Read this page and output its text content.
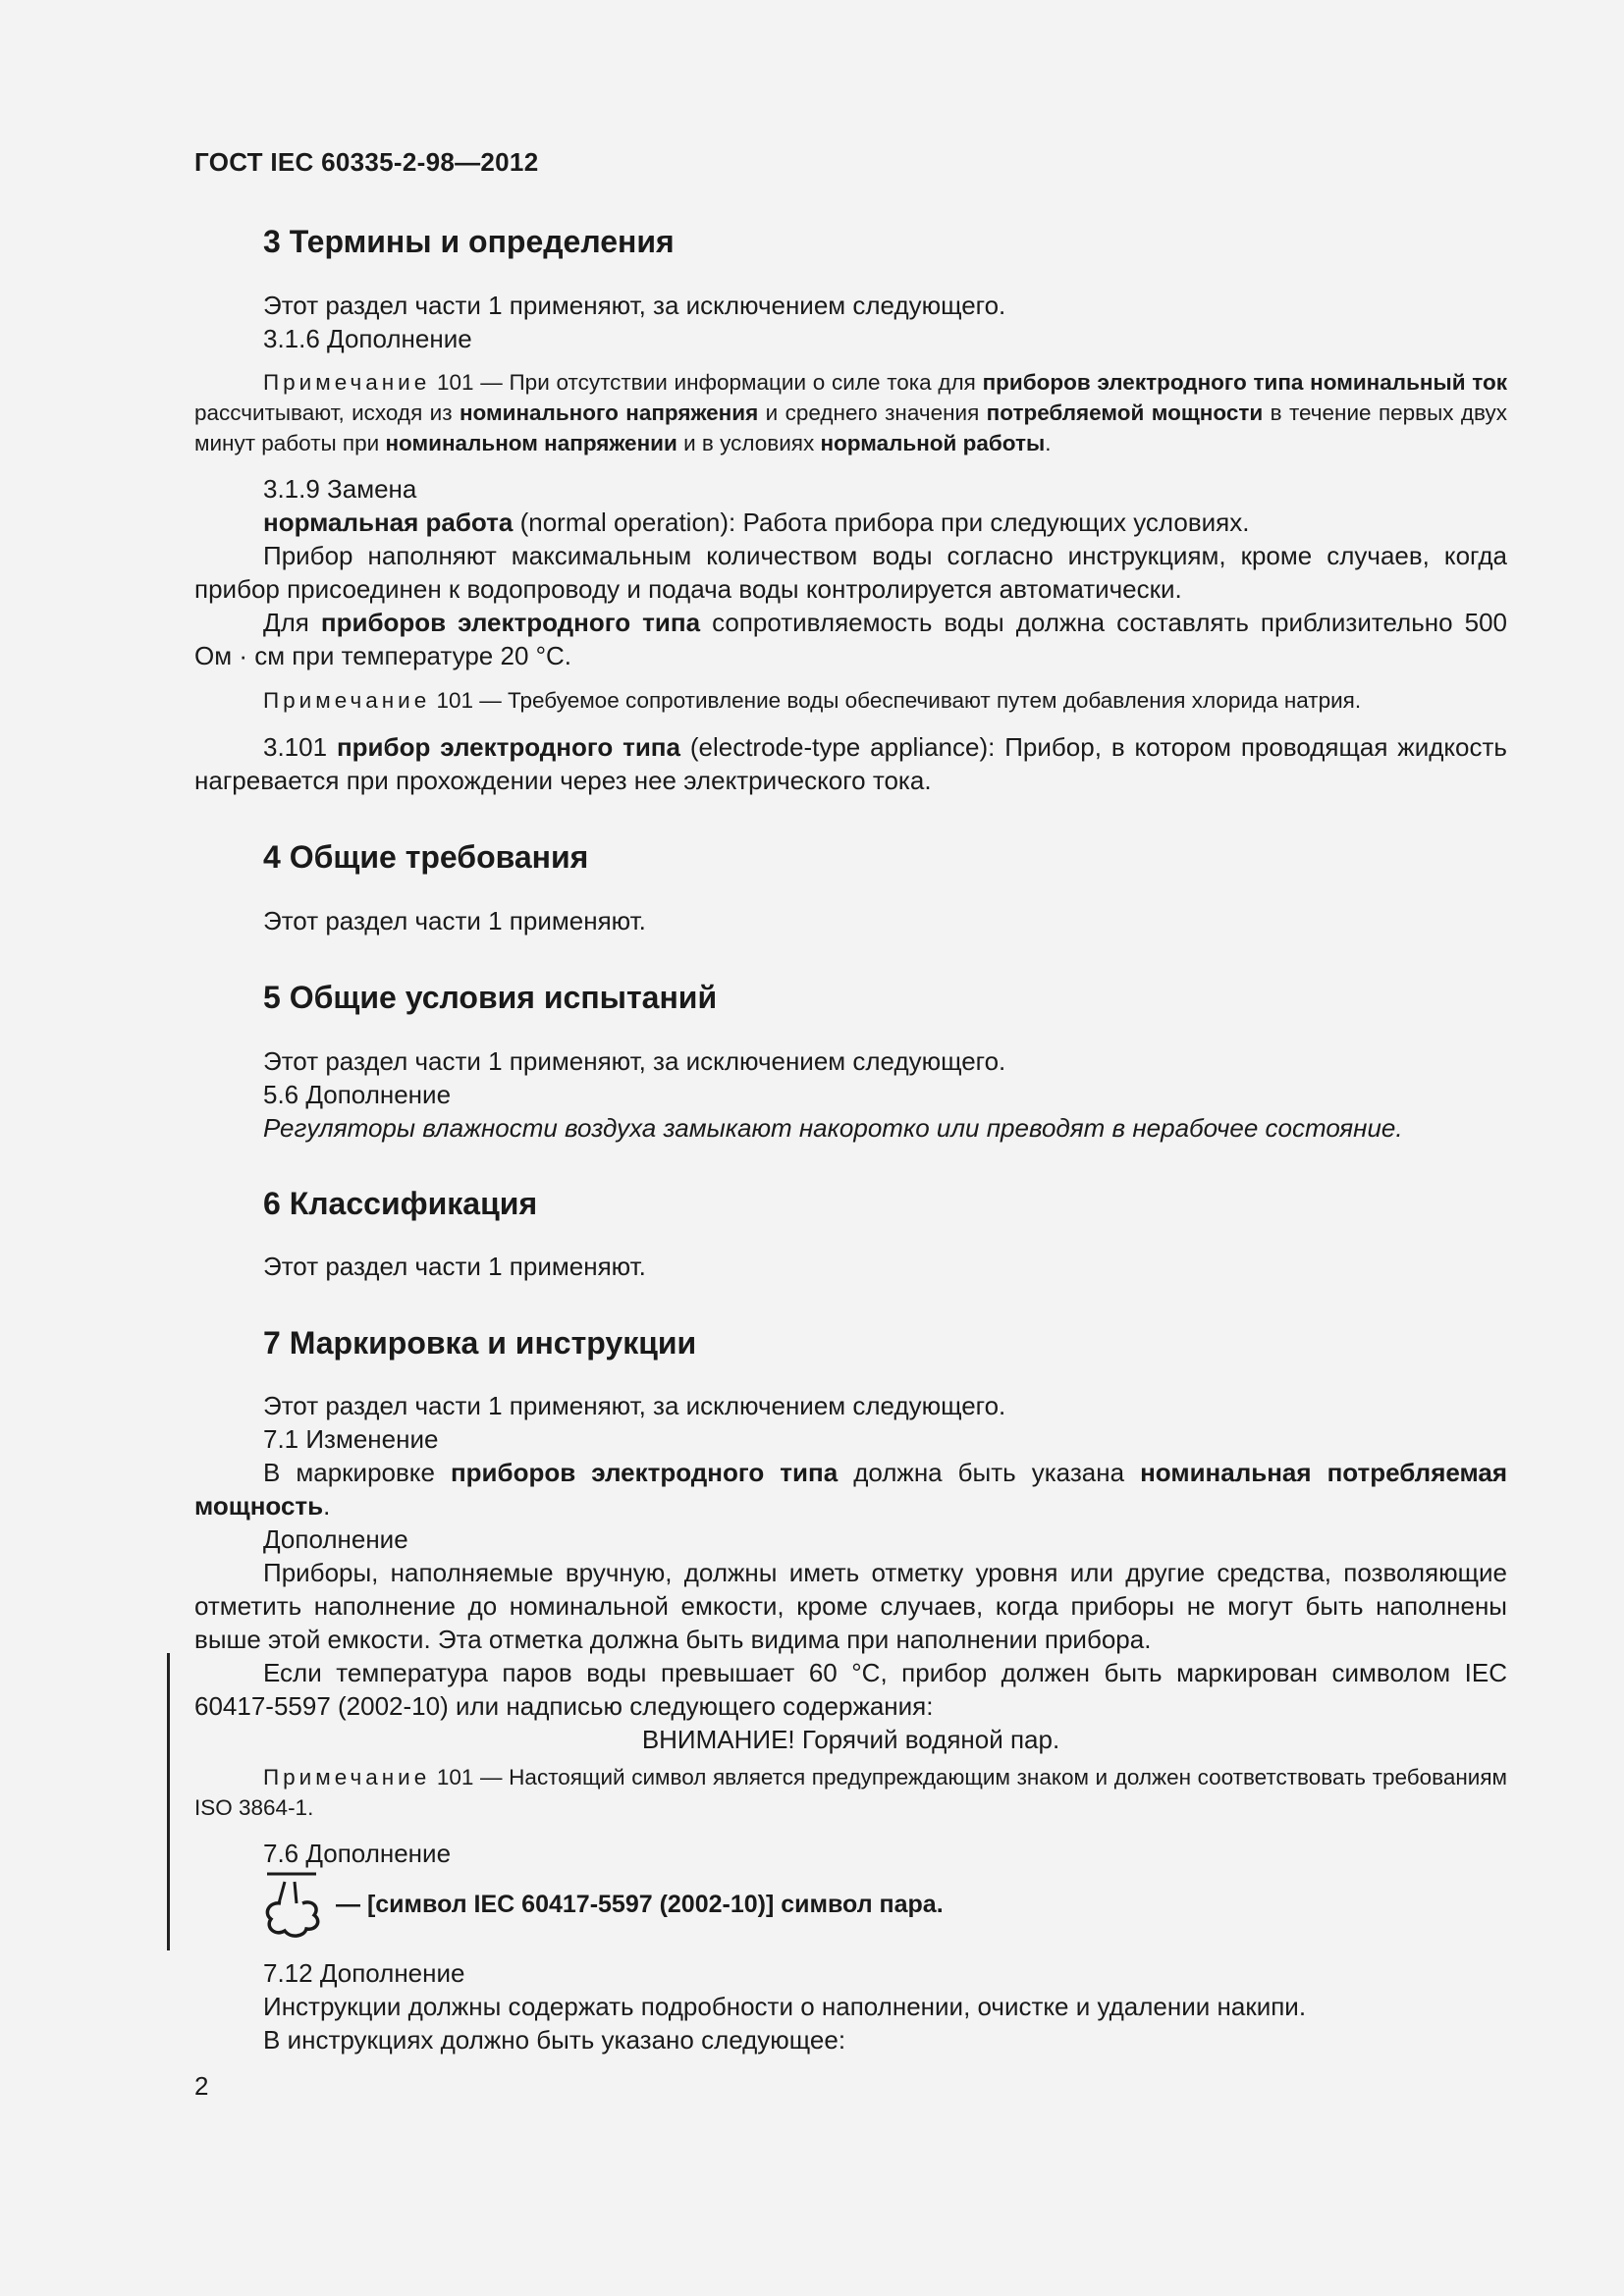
ГОСТ IEC 60335-2-98—2012
3 Термины и определения
Этот раздел части 1 применяют, за исключением следующего.
3.1.6 Дополнение
Примечание 101 — При отсутствии информации о силе тока для приборов электродного типа номинальный ток рассчитывают, исходя из номинального напряжения и среднего значения потребляемой мощности в течение первых двух минут работы при номинальном напряжении и в условиях нормальной работы.
3.1.9 Замена
нормальная работа (normal operation): Работа прибора при следующих условиях.
Прибор наполняют максимальным количеством воды согласно инструкциям, кроме случаев, когда прибор присоединен к водопроводу и подача воды контролируется автоматически.
Для приборов электродного типа сопротивляемость воды должна составлять приблизительно 500 Ом · см при температуре 20 °С.
Примечание 101 — Требуемое сопротивление воды обеспечивают путем добавления хлорида натрия.
3.101 прибор электродного типа (electrode-type appliance): Прибор, в котором проводящая жидкость нагревается при прохождении через нее электрического тока.
4 Общие требования
Этот раздел части 1 применяют.
5 Общие условия испытаний
Этот раздел части 1 применяют, за исключением следующего.
5.6 Дополнение
Регуляторы влажности воздуха замыкают накоротко или преводят в нерабочее состояние.
6 Классификация
Этот раздел части 1 применяют.
7 Маркировка и инструкции
Этот раздел части 1 применяют, за исключением следующего.
7.1 Изменение
В маркировке приборов электродного типа должна быть указана номинальная потребляемая мощность.
Дополнение
Приборы, наполняемые вручную, должны иметь отметку уровня или другие средства, позволяющие отметить наполнение до номинальной емкости, кроме случаев, когда приборы не могут быть наполнены выше этой емкости. Эта отметка должна быть видима при наполнении прибора.
Если температура паров воды превышает 60 °С, прибор должен быть маркирован символом IEC 60417-5597 (2002-10) или надписью следующего содержания:
ВНИМАНИЕ! Горячий водяной пар.
Примечание 101 — Настоящий символ является предупреждающим знаком и должен соответствовать требованиям ISO 3864-1.
7.6 Дополнение
— [символ IEC 60417-5597 (2002-10)] символ пара.
7.12 Дополнение
Инструкции должны содержать подробности о наполнении, очистке и удалении накипи.
В инструкциях должно быть указано следующее:
2
